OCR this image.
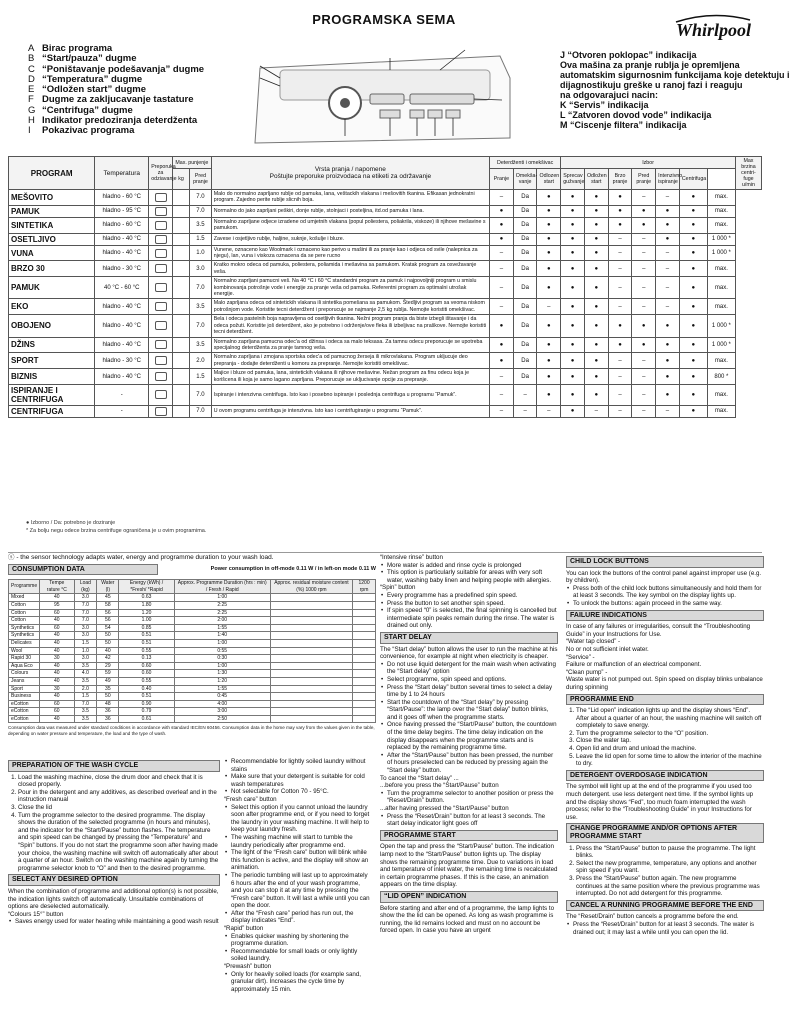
PROGRAMSKA SEMA
Whirlpool
A Birac programa
B “Start/pauza” dugme
C “Poništavanje podešavanja” dugme
D “Temperatura” dugme
E “Odložen start” dugme
F Dugme za zakljucavanje tastature
G “Centrifuga” dugme
H Indikator predoziranja deterdženta
I Pokazivac programa
J “Otvoren poklopac” indikacija
Ova mašina za pranje rublja je opremljena
automatskim sigurnosnim funkcijama koje detektuju i
dijagnostikuju greške u ranoj fazi i reaguju
na odgovarajuci nacin:
K “Servis” indikacija
L “Zatvoren dovod vode” indikacija
M “Ciscenje filtera” indikacija
PROGRAM	Temperatura	Preporuka za odziavanje	Max. punjenje		Vrsta pranja / napomene
Poštujte preporuke proizvodaca na etiketi za održavanje	Deterdženti i omekšivac			Izbor							Max brzina centri-fuge u/min
			kg	Pred pranje		Pranje	Omekša-vanje	Odlozen start	Sprecav gužvanje	Odložen start	Brzo pranje	Pred pranje	Intenzivno ispiranje	Centrifuga		
MEŠOVITO	hladno - 60 °C			7.0	Malo do normalno zaprljano rublje od pamuka, lana, veštackih vlakana i mešovitih tkanina. Efikasan jednokratni program. Zajedno perite rublje slicnih boja.	–	Da	●	●	●	●	–	–	●	max.	
PAMUK	hladno - 95 °C			7.0	Normalno do jako zaprljani peškiri, donje rublje, stolnjaci i posteljina, itd.od pamuka i lana.	●	Da	●	●	●	●	●	●	●	max.	
SINTETIKA	hladno - 60 °C			3.5	Normalno zaprljane odjece izradene od umjetnih vlakana (popul poliestera, poliakrila, viskoze) ili njihove mešavine s pamukom.	●	Da	●	●	●	●	●	●	●	max.	
OSETLJIVO	hladno - 40 °C			1.5	Zavese i osjetljivo rublje, haljine, suknje, košulje i bluze.	●	Da	●	●	●	–	–	●	●	1 000 *	
VUNA	hladno - 40 °C			1.0	Vunene, oznaceno kao Woolmark i oznaceno kao perivo u mašini ili za pranje kao i odjeca od svile (nalepnica za njegu), lan, vuna i viskoza oznacena da se pere rucno	–	Da	●	●	●	–	–	–	●	1 000 *	
BRZO 30	hladno - 30 °C			3.0	Kratko mokro odeca od pamuka, poliestera, poliamida i mešavina sa pamukom. Kratak program za osvežavanje veša.	–	Da	●	●	●	–	–	–	●	max.	
PAMUK	40 °C - 60 °C			7.0	Normalno zaprljani pamucni veš. Na 40 °C i 60 °C standardni program za pamuk i najpovoljniji program u smislu kombinovanja potrošnje vode i energije za pranje veša od pamuka. Referentni program za optimalni utrošak energije.	–	Da	●	●	●	–	–	–	●	max.	
EKO	hladno - 40 °C			3.5	Malo zaprljana odeca od sintetickih vlakana ili sintetika pomešana sa pamukom. Štedljivi program sa veoma niskom potrošnjom vode. Koristite tecni deterdžent i preporucuje se najmanje 2,5 kg rublja. Nemojte koristiti omekšivac.	–	Da	–	●	●	–	–	–	●	max.	
OBOJENO	hladno - 40 °C			7.0	Bela i odeca pastelnih boja napravljena od osetljivih tkanina. Nežni program pranja da biste izbegli ištavanje i da odeca požuti. Koristite još deterdžent, ako je potrebno i održenje/ove fleka ili izbeljivac na praškove. Nemojte koristiti tecni deterdžent.	●	Da	●	●	●	●	●	●	●	1 000 *	
DŽINS	hladno - 40 °C			3.5	Normalno zaprljana pamucna odec'a od džinsa i odeca sa malo teksasa. Za tamnu odecu preporucuje se upotreba specijalnog deterdženta za pranje tamnog veša.	●	Da	●	●	●	●	●	●	●	1 000 *	
SPORT	hladno - 30 °C			2.0	Normalno zaprljana i zmojana sportska odec'a od pamucnog žerseja ili mikrovlakana. Program ukljucuje deo prepranja - dodajte deterdženti u komoru za prepranje. Nemojte koristiti omekšivac.	●	Da	●	●	●	–	–	●	●	max.	
BIZNIS	hladno - 40 °C			1.5	Majice i bluze od pamuka, lana, sintetickih vlakana ili njihove mešavine. Nežan program za finu odecu koja je korišcena ili koja je samo lagano zaprljana. Preporucuje se ukljucivanje opcije za prepranje.	–	Da	●	●	●	–	–	●	●	800 *	
ISPIRANJE I CENTRIFUGA	-			7.0	Ispiranje i intenzivna centrifuga. Isto kao i posebno ispiranje i poslednja centrifuga u programu “Pamuk”.	–	–	●	●	●	–	–	●	●	max.	
CENTRIFUGA	-			7.0	U ovom programu centrifuga je intenzivna. Isto kao i centrifugiranje u programu “Pamuk”.	–	–	–	●	–	–	–	–	●	max.	
● Izborno / Da: potrebno je doziranje
* Za bolju negu odece brzina centrifuge ograničena je u ovim programima.
ⓢ - the sensor technology adapts water, energy and programme duration to your wash load.
CONSUMPTION DATA	Power consumption in off-mode 0.11 W / in left-on mode 0.11 W
Programme	Tempe rature °C	Load (kg)	Water (l)	Energy (kWh) / *Fresh/ *Rapid	Approx. Programme Duration (hrs : min) / Fresh / Rapid	Approx. residual moisture content (%) 1000 rpm	1200 rpm
Mixed	40	3.0	45	0.63	1:00		
Cotton	95	7.0	58	1.80	2:25		
Cotton	60	7.0	56	1.20	2:25		
Cotton	40	7.0	56	1.00	2:00		
Synthetics	60	3.0	54	0.85	1:55		
Synthetics	40	3.0	50	0.51	1:40		
Delicates	40	1.5	50	0.51	1:00		
Wool	40	1.0	40	0.55	0:55		
Rapid 30	30	3.0	42	0.13	0:30		
Aqua Eco	40	3.5	29	0.60	1:00		
Colours	40	4.0	59	0.60	1:30		
Jeans	40	3.5	49	0.55	1:20		
Sport	30	2.0	35	0.40	1:55		
Business	40	1.5	50	0.51	0:45		
eCotton	60	7.0	48	0.90	4:00		
eCotton	60	3.5	36	0.79	3:00		
eCotton	40	3.5	36	0.61	2:50		
Consumption data was measured under standard conditions in accordance with standard IEC/EN 60456. Consumption data in the home may vary from the values given in the table, depending on water pressure and temperature, the load and the type of wash.
PREPARATION OF THE WASH CYCLE
1. Load the washing machine, close the drum door and check that it is closed properly.
2. Pour in the detergent and any additives, as described overleaf and in the instruction manual
3. Close the lid
4. Turn the programme selector to the desired programme. The display shows the duration of the selected programme (in hours and minutes), and the indicator for the “Start/Pause” button flashes. The temperature and spin speed can be changed by pressing the “Temperature” and “Spin” buttons. If you do not start the programme soon after having made your choice, the washing machine will switch off automatically after about a quarter of an hour. Switch on the washing machine again by turning the programme selector knob to “O” and then to the desired programme.
SELECT ANY DESIRED OPTION

When the combination of programme and additional option(s) is not possible, the indication lights switch off automatically. Unsuitable combinations of options are deselected automatically.

“Colours 15°” button

• Saves energy used for water heating while maintaining a good wash result
• Recommendable for lightly soiled laundry without stains
• Make sure that your detergent is suitable for cold wash temperatures
• Not selectable for Cotton 70 - 95°C.

“Fresh care” button

• Select this option if you cannot unload the laundry soon after programme end, or if you need to forget the laundry in your washing machine. It will help to keep your laundry fresh.
• The washing machine will start to tumble the laundry periodically after programme end.
• The light of the “Fresh care” button will blink while this function is active, and the display will show an animation.
• The periodic tumbling will last up to approximately 6 hours after the end of your wash programme, and you can stop it at any time by pressing the “Fresh care” button. It will last a while until you can open the door.
• After the “Fresh care” period has run out, the display indicates “End”.

“Rapid” button

• Enables quicker washing by shortening the programme duration.
• Recommendable for small loads or only lightly soiled laundry.

“Prewash” button

• Only for heavily soiled loads (for example sand, granular dirt). Increases the cycle time by approximately 15 min.

“Intensive rinse” button

• More water is added and rinse cycle is prolonged
• This option is particularly suitable for areas with very soft water, washing baby linen and helping people with allergies.

“Spin” button

• Every programme has a predefined spin speed.
• Press the button to set another spin speed.
• If spin speed “0” is selected, the final spinning is cancelled but intermediate spin peaks remain during the rinse. The water is drained out only.
START DELAY

The “Start delay” button allows the user to run the machine at his convenience, for example at night when electricity is cheaper.

• Do not use liquid detergent for the main wash when activating the “Start delay” option
• Select programme, spin speed and options.
• Press the “Start delay” button several times to select a delay time by 1 to 24 hours
• Start the countdown of the “Start delay” by pressing “Start/Pause”: the lamp over the “Start delay” button blinks, and it goes off when the programme starts.
• Once having pressed the “Start/Pause” button, the countdown of the time delay begins. The time delay indication on the display disappears when the programme starts and is replaced by the remaining programme time.
• After the “Start/Pause” button has been pressed, the number of hours preselected can be reduced by pressing again the “Start delay” button.

To cancel the “Start delay” ...

...before you press the “Start/Pause” button

• Turn the programme selector to another position or press the “Reset/Drain” button.

...after having pressed the “Start/Pause” button

• Press the “Reset/Drain” button for at least 3 seconds. The start delay indicator light goes off
PROGRAMME START

Open the tap and press the “Start/Pause” button. The indication lamp next to the “Start/Pause” button lights up. The display shows the remaining programme time. Due to variations in load and temperature of inlet water, the remaining time is recalculated in certain programme phases. If this is the case, an animation appears on the time display.

“LID OPEN” INDICATION

Before starting and after end of a programme, the lamp lights to show the the lid can be opened. As long as wash programme is running, the lid remains locked and must on no account be forced open. In case you have an urgent

CHILD LOCK BUTTONS

You can lock the buttons of the control panel against improper use (e.g. by children).

• Press both of the child lock buttons simultaneously and hold them for at least 3 seconds. The key symbol on the display lights up.
• To unlock the buttons: again proceed in the same way.
FAILURE INDICATIONS

In case of any failures or irregularities, consult the “Troubleshooting Guide” in your Instructions for Use.

“Water tap closed” -

No or not sufficient inlet water.

“Service” -

Failure or malfunction of an electrical component.

“Clean pump” -

Waste water is not pumped out. Spin speed on display blinks unbalance during spinning

PROGRAMME END
1. The “Lid open” indication lights up and the display shows “End”. After about a quarter of an hour, the washing machine will switch off completely to save energy.
2. Turn the programme selector to the “O” position.
3. Close the water tap.
4. Open lid and drum and unload the machine.
5. Leave the lid open for some time to allow the interior of the machine to dry.
DETERGENT OVERDOSAGE INDICATION

The symbol will light up at the end of the programme if you used too much detergent. use less detergent next time. If the symbol lights up and the display shows “Fed”, too much foam interrupted the wash process; refer to the “Troubleshooting Guide” in your Instructions for use.

CHANGE PROGRAMME AND/OR OPTIONS AFTER PROGRAMME START
1. Press the “Start/Pause” button to pause the programme. The light blinks.
2. Select the new programme, temperature, any options and another spin speed if you want.
3. Press the “Start/Pause” button again. The new programme continues at the same position where the previous programme was interrupted. Do not add detergent for this programme.
CANCEL A RUNNING PROGRAMME BEFORE THE END

The “Reset/Drain” button cancels a programme before the end.

• Press the “Reset/Drain” button for at least 3 seconds. The water is drained out; it may last a while until you can open the lid.
